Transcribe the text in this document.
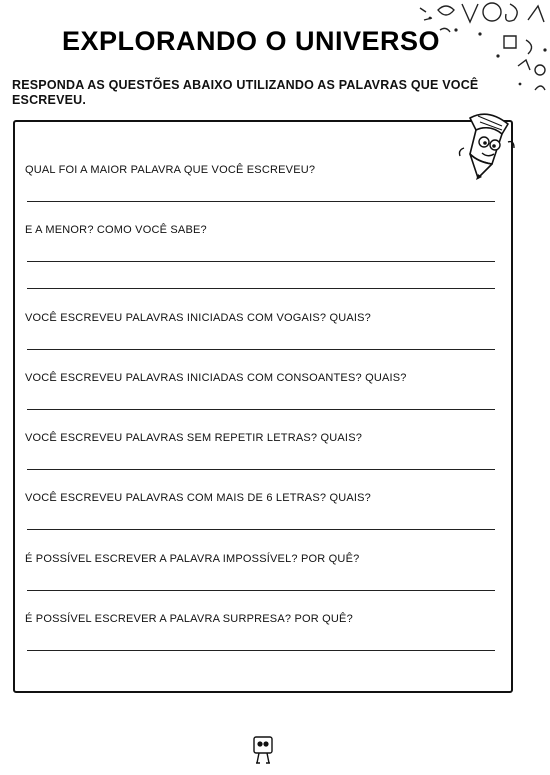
EXPLORANDO O UNIVERSO

RESPONDA AS QUESTÕES ABAIXO UTILIZANDO AS PALAVRAS QUE VOCÊ ESCREVEU.

QUAL FOI A MAIOR PALAVRA QUE VOCÊ ESCREVEU?

E A MENOR? COMO VOCÊ SABE?

VOCÊ ESCREVEU PALAVRAS INICIADAS COM VOGAIS? QUAIS?

VOCÊ ESCREVEU PALAVRAS INICIADAS COM CONSOANTES? QUAIS?

VOCÊ ESCREVEU PALAVRAS SEM REPETIR LETRAS? QUAIS?

VOCÊ ESCREVEU PALAVRAS COM MAIS DE 6 LETRAS? QUAIS?

É POSSÍVEL ESCREVER A PALAVRA IMPOSSÍVEL? POR QUÊ?

É POSSÍVEL ESCREVER A PALAVRA SURPRESA? POR QUÊ?
